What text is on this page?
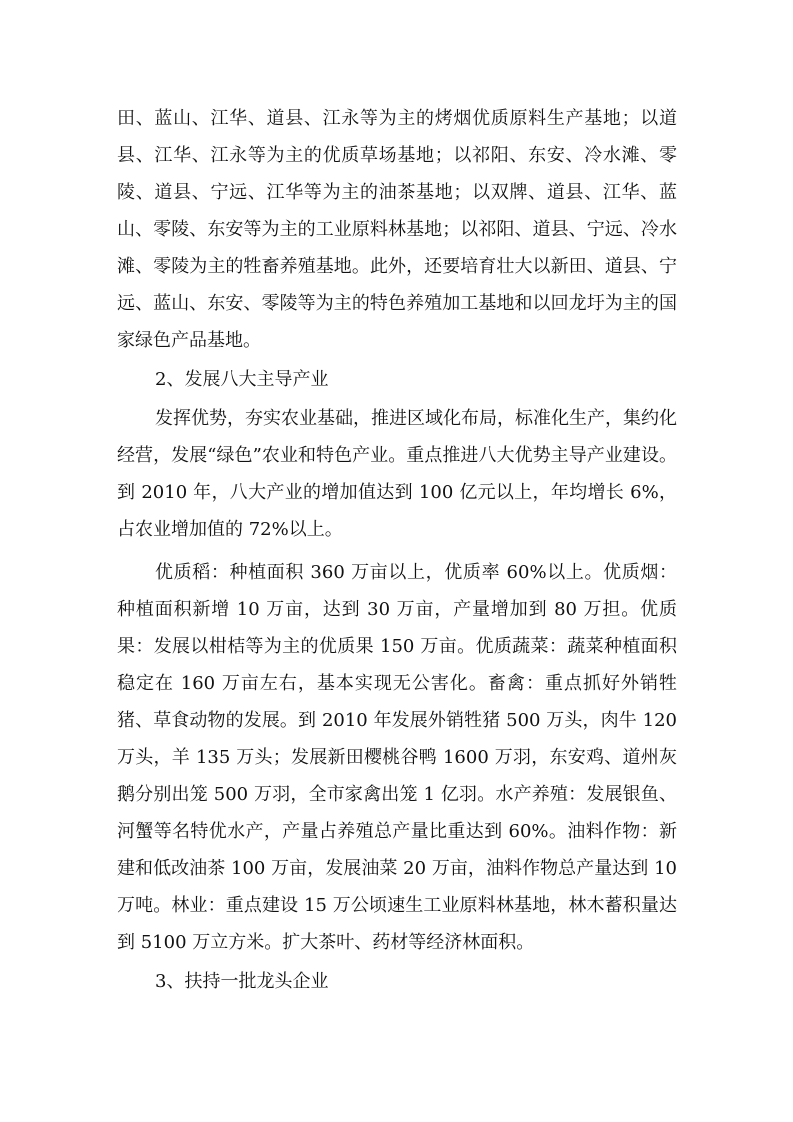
田、蓝山、江华、道县、江永等为主的烤烟优质原料生产基地；以道县、江华、江永等为主的优质草场基地；以祁阳、东安、冷水滩、零陵、道县、宁远、江华等为主的油茶基地；以双牌、道县、江华、蓝山、零陵、东安等为主的工业原料林基地；以祁阳、道县、宁远、冷水滩、零陵为主的牲畜养殖基地。此外，还要培育壮大以新田、道县、宁远、蓝山、东安、零陵等为主的特色养殖加工基地和以回龙圩为主的国家绿色产品基地。

2、发展八大主导产业

发挥优势，夯实农业基础，推进区域化布局，标准化生产，集约化经营，发展“绿色”农业和特色产业。重点推进八大优势主导产业建设。到 2010 年，八大产业的增加值达到 100 亿元以上，年均增长 6%，占农业增加值的 72%以上。

优质稻：种植面积 360 万亩以上，优质率 60%以上。优质烟：种植面积新增 10 万亩，达到 30 万亩，产量增加到 80 万担。优质果：发展以柑桔等为主的优质果 150 万亩。优质蔬菜：蔬菜种植面积稳定在 160 万亩左右，基本实现无公害化。畜禽：重点抓好外销牲猪、草食动物的发展。到 2010 年发展外销牲猪 500 万头，肉牛 120 万头，羊 135 万头；发展新田樱桃谷鸭 1600 万羽，东安鸡、道州灰鹅分别出笼 500 万羽，全市家禽出笼 1 亿羽。水产养殖：发展银鱼、河蟹等名特优水产，产量占养殖总产量比重达到 60%。油料作物：新建和低改油茶 100 万亩，发展油菜 20 万亩，油料作物总产量达到 10 万吨。林业：重点建设 15 万公顷速生工业原料林基地，林木蓄积量达到 5100 万立方米。扩大茶叶、药材等经济林面积。

3、扶持一批龙头企业
